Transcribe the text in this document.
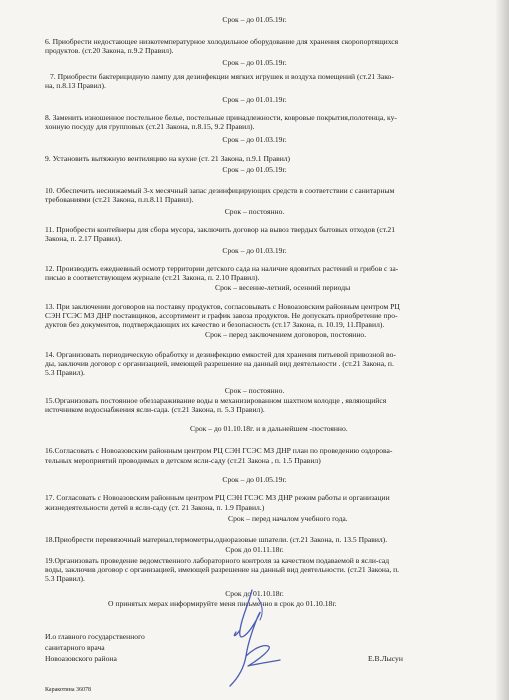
Срок – до 01.05.19г.
6. Приобрести недостающее низкотемпературное холодильное оборудование для хранения скоропортящихся
продуктов. (ст.20 Закона, п.9.2 Правил).
Срок – до 01.05.19г.
7. Приобрести бактерицидную лампу для дезинфекции мягких игрушек и воздуха помещений (ст.21 Зако-
на, п.8.13 Правил).
Срок – до 01.01.19г.
8. Заменить изношенное постельное белье, постельные принадлежности, ковровые покрытия,полотенца, ку-
хонную посуду для групповых (ст.21 Закона, п.8.15, 9.2 Правил).
Срок – до 01.03.19г.
9. Установить вытяжную вентиляцию на кухне (ст. 21 Закона, п.9.1 Правил)
Срок – до 01.05.19г.
10. Обеспечить неснижаемый 3-х месячный запас дезинфицирующих средств в соответствии с санитарным
требованиями (ст.21 Закона, п.п.8.11 Правил).
Срок – постоянно.
11. Приобрести контейнеры для сбора мусора, заключить договор на вывоз твердых бытовых отходов (ст.21
Закона, п. 2.17 Правил).
Срок – до 01.03.19г.
12. Производить ежедневный осмотр территории детского сада на наличие ядовитых растений и грибов с за-
писью в соответствующем журнале (ст.21 Закона, п. 2.10 Правил).
Срок – весенне-летний, осенний периоды
13. При заключении договоров на поставку продуктов, согласовывать с Новоазовским районным центром РЦ
СЭН ГСЭС МЗ ДНР поставщиков, ассортимент и график завоза продуктов. Не допускать приобретение про-
дуктов без документов, подтверждающих их качество и безопасность (ст.17 Закона, п. 10.19, 11.Правил).
Срок – перед заключением договоров, постоянно.
14. Организовать периодическую обработку и дезинфекцию емкостей для хранения питьевой привозной во-
ды, заключив договор с организацией, имеющей разрешение на данный вид деятельности . (ст.21 Закона, п.
5.3 Правил).
Срок – постоянно.
15.Организовать постоянное обеззараживание воды в механизированном шахтном колодце , являющийся
источником водоснабжения ясли-сада. (ст.21 Закона, п. 5.3 Правил).
Срок – до 01.10.18г. и в дальнейшем -постоянно.
16.Согласовать с Новоазовским районным центром РЦ СЭН ГСЭС МЗ ДНР план по проведению оздорова-
тельных мероприятий проводимых в детском ясли-саду (ст.21 Закона , п. 1.5 Правил)
Срок – до 01.05.19г.
17. Согласовать с Новоазовским районным центром РЦ СЭН ГСЭС МЗ ДНР режим работы и организации
жизнедеятельности детей в ясли-саду (ст. 21 Закона, п. 1.9 Правил.)
Срок – перед началом учебного года.
18.Приобрести перевязочный материал,термометры,одноразовые шпатели. (ст.21 Закона, п. 13.5 Правил).
Срок до 01.11.18г.
19.Организовать проведение ведомственного лабораторного контроля за качеством подаваемой в ясли-сад
воды, заключив договор с организацией, имеющей разрешение на данный вид деятельности. (ст.21 Закона, п.
5.3 Правил).
Срок до 01.10.18г.
О принятых мерах информируйте меня письменно в срок до 01.10.18г.
И.о главного государственного
санитарного врача
Новоазовского района	Е.В.Лысун
Каракотина 36078
